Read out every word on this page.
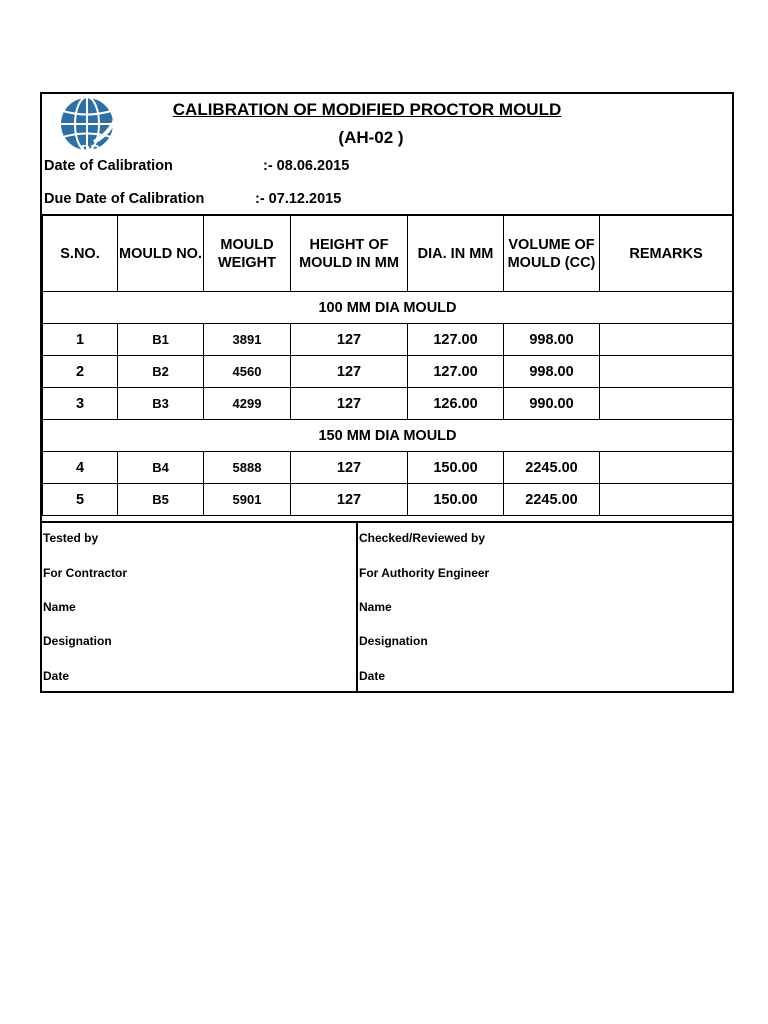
DRA
CALIBRATION OF MODIFIED PROCTOR MOULD
(AH-02 )
Date of Calibration	:- 08.06.2015
Due Date of Calibration	:- 07.12.2015
S.NO.	MOULD NO.	MOULD WEIGHT	HEIGHT OF MOULD IN MM	DIA. IN MM	VOLUME OF MOULD (CC)	REMARKS
100 MM DIA MOULD						
1	B1	3891	127	127.00	998.00	
2	B2	4560	127	127.00	998.00	
3	B3	4299	127	126.00	990.00	
150 MM DIA MOULD						
4	B4	5888	127	150.00	2245.00	
5	B5	5901	127	150.00	2245.00	
Tested by
For Contractor
Name
Designation
Date
Checked/Reviewed by
For Authority Engineer
Name
Designation
Date
